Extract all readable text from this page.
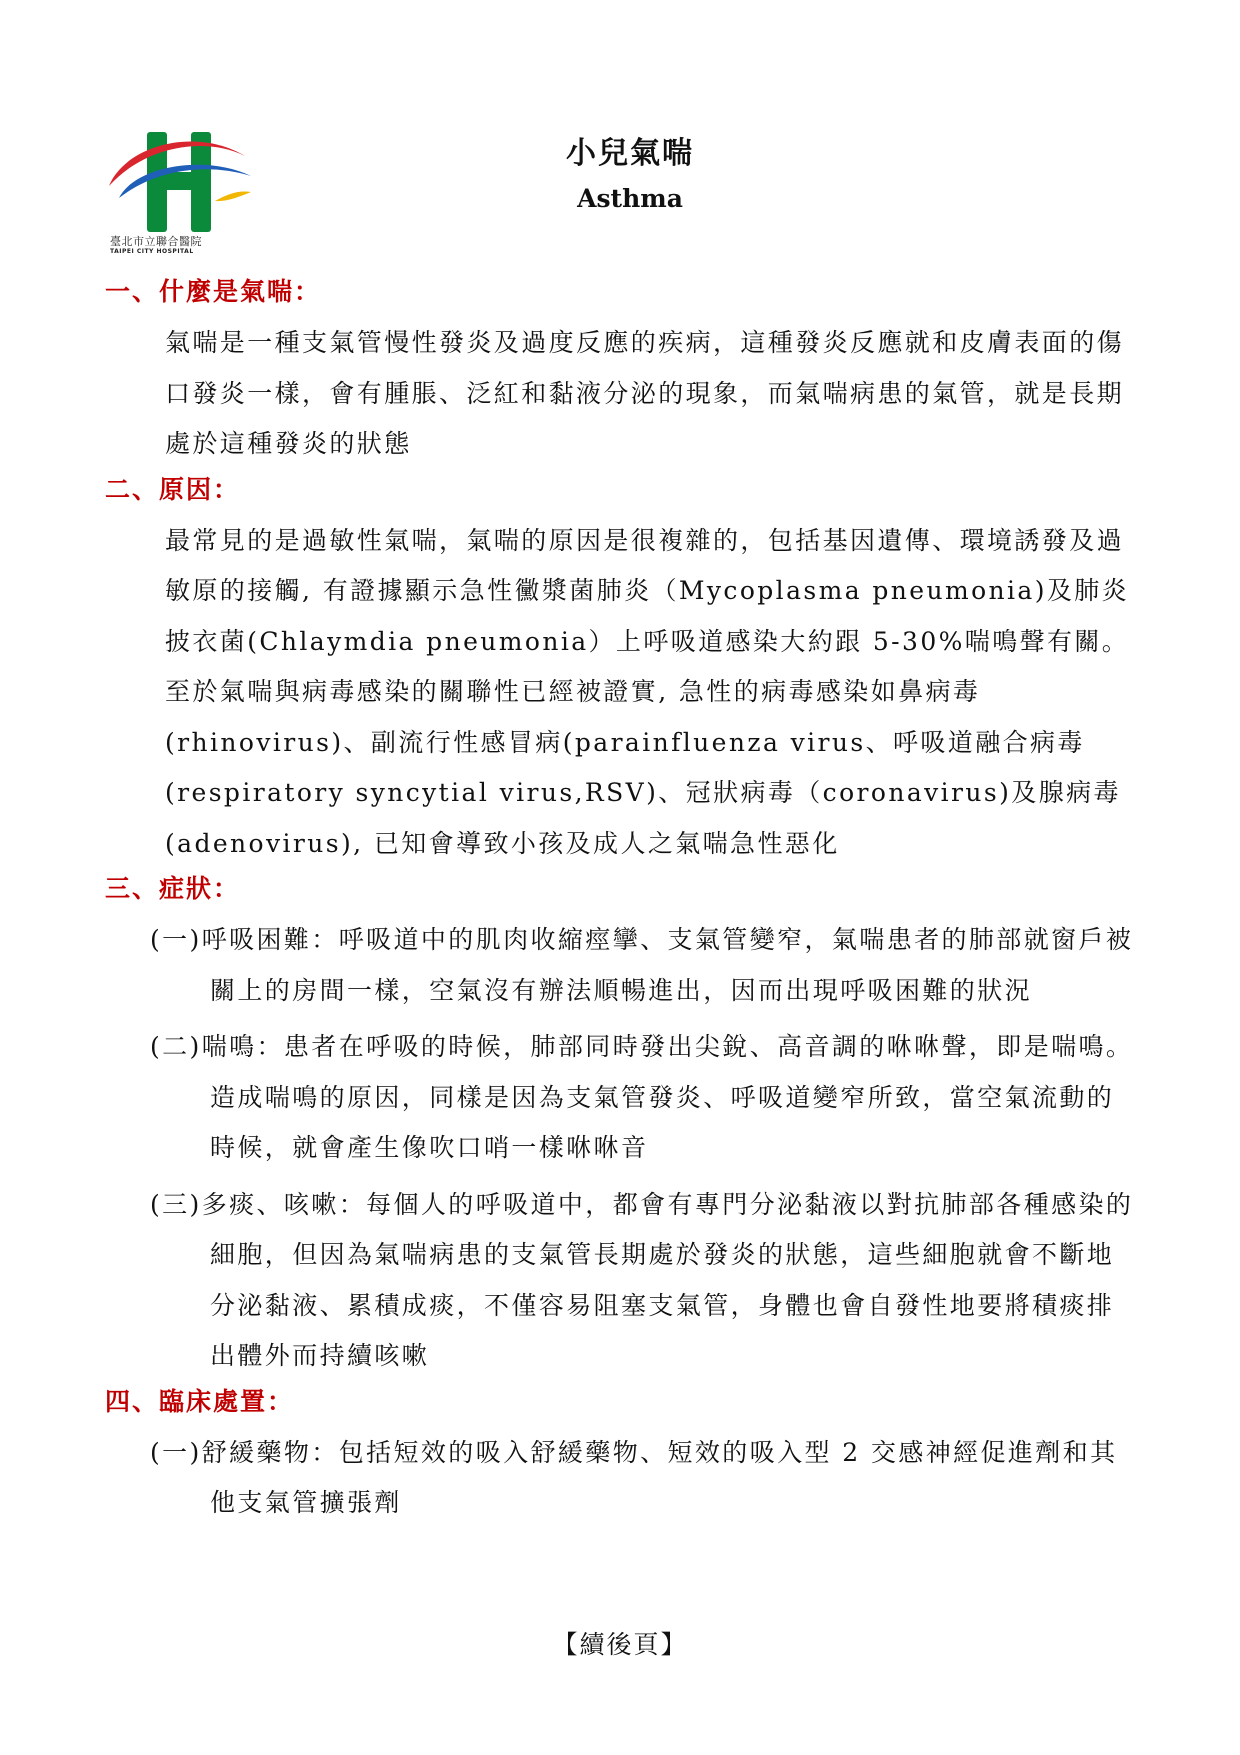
臺北市立聯合醫院
TAIPEI CITY HOSPITAL
小兒氣喘
Asthma
一、什麼是氣喘：
氣喘是一種支氣管慢性發炎及過度反應的疾病，這種發炎反應就和皮膚表面的傷口發炎一樣，會有腫脹、泛紅和黏液分泌的現象，而氣喘病患的氣管，就是長期處於這種發炎的狀態
二、原因：
最常見的是過敏性氣喘，氣喘的原因是很複雜的，包括基因遺傳、環境誘發及過敏原的接觸, 有證據顯示急性黴漿菌肺炎（Mycoplasma pneumonia)及肺炎披衣菌(Chlaymdia pneumonia）上呼吸道感染大約跟 5-30%喘鳴聲有關。至於氣喘與病毒感染的關聯性已經被證實, 急性的病毒感染如鼻病毒(rhinovirus)、副流行性感冒病(parainfluenza virus、呼吸道融合病毒(respiratory syncytial virus,RSV)、冠狀病毒（coronavirus)及腺病毒(adenovirus), 已知會導致小孩及成人之氣喘急性惡化
三、症狀：
(一)呼吸困難：呼吸道中的肌肉收縮痙攣、支氣管變窄，氣喘患者的肺部就窗戶被關上的房間一樣，空氣沒有辦法順暢進出，因而出現呼吸困難的狀況
(二)喘鳴：患者在呼吸的時候，肺部同時發出尖銳、高音調的咻咻聲，即是喘鳴。造成喘鳴的原因，同樣是因為支氣管發炎、呼吸道變窄所致，當空氣流動的時候，就會產生像吹口哨一樣咻咻音
(三)多痰、咳嗽：每個人的呼吸道中，都會有專門分泌黏液以對抗肺部各種感染的細胞，但因為氣喘病患的支氣管長期處於發炎的狀態，這些細胞就會不斷地分泌黏液、累積成痰，不僅容易阻塞支氣管，身體也會自發性地要將積痰排出體外而持續咳嗽
四、臨床處置：
(一)舒緩藥物：包括短效的吸入舒緩藥物、短效的吸入型 2 交感神經促進劑和其他支氣管擴張劑
【續後頁】
